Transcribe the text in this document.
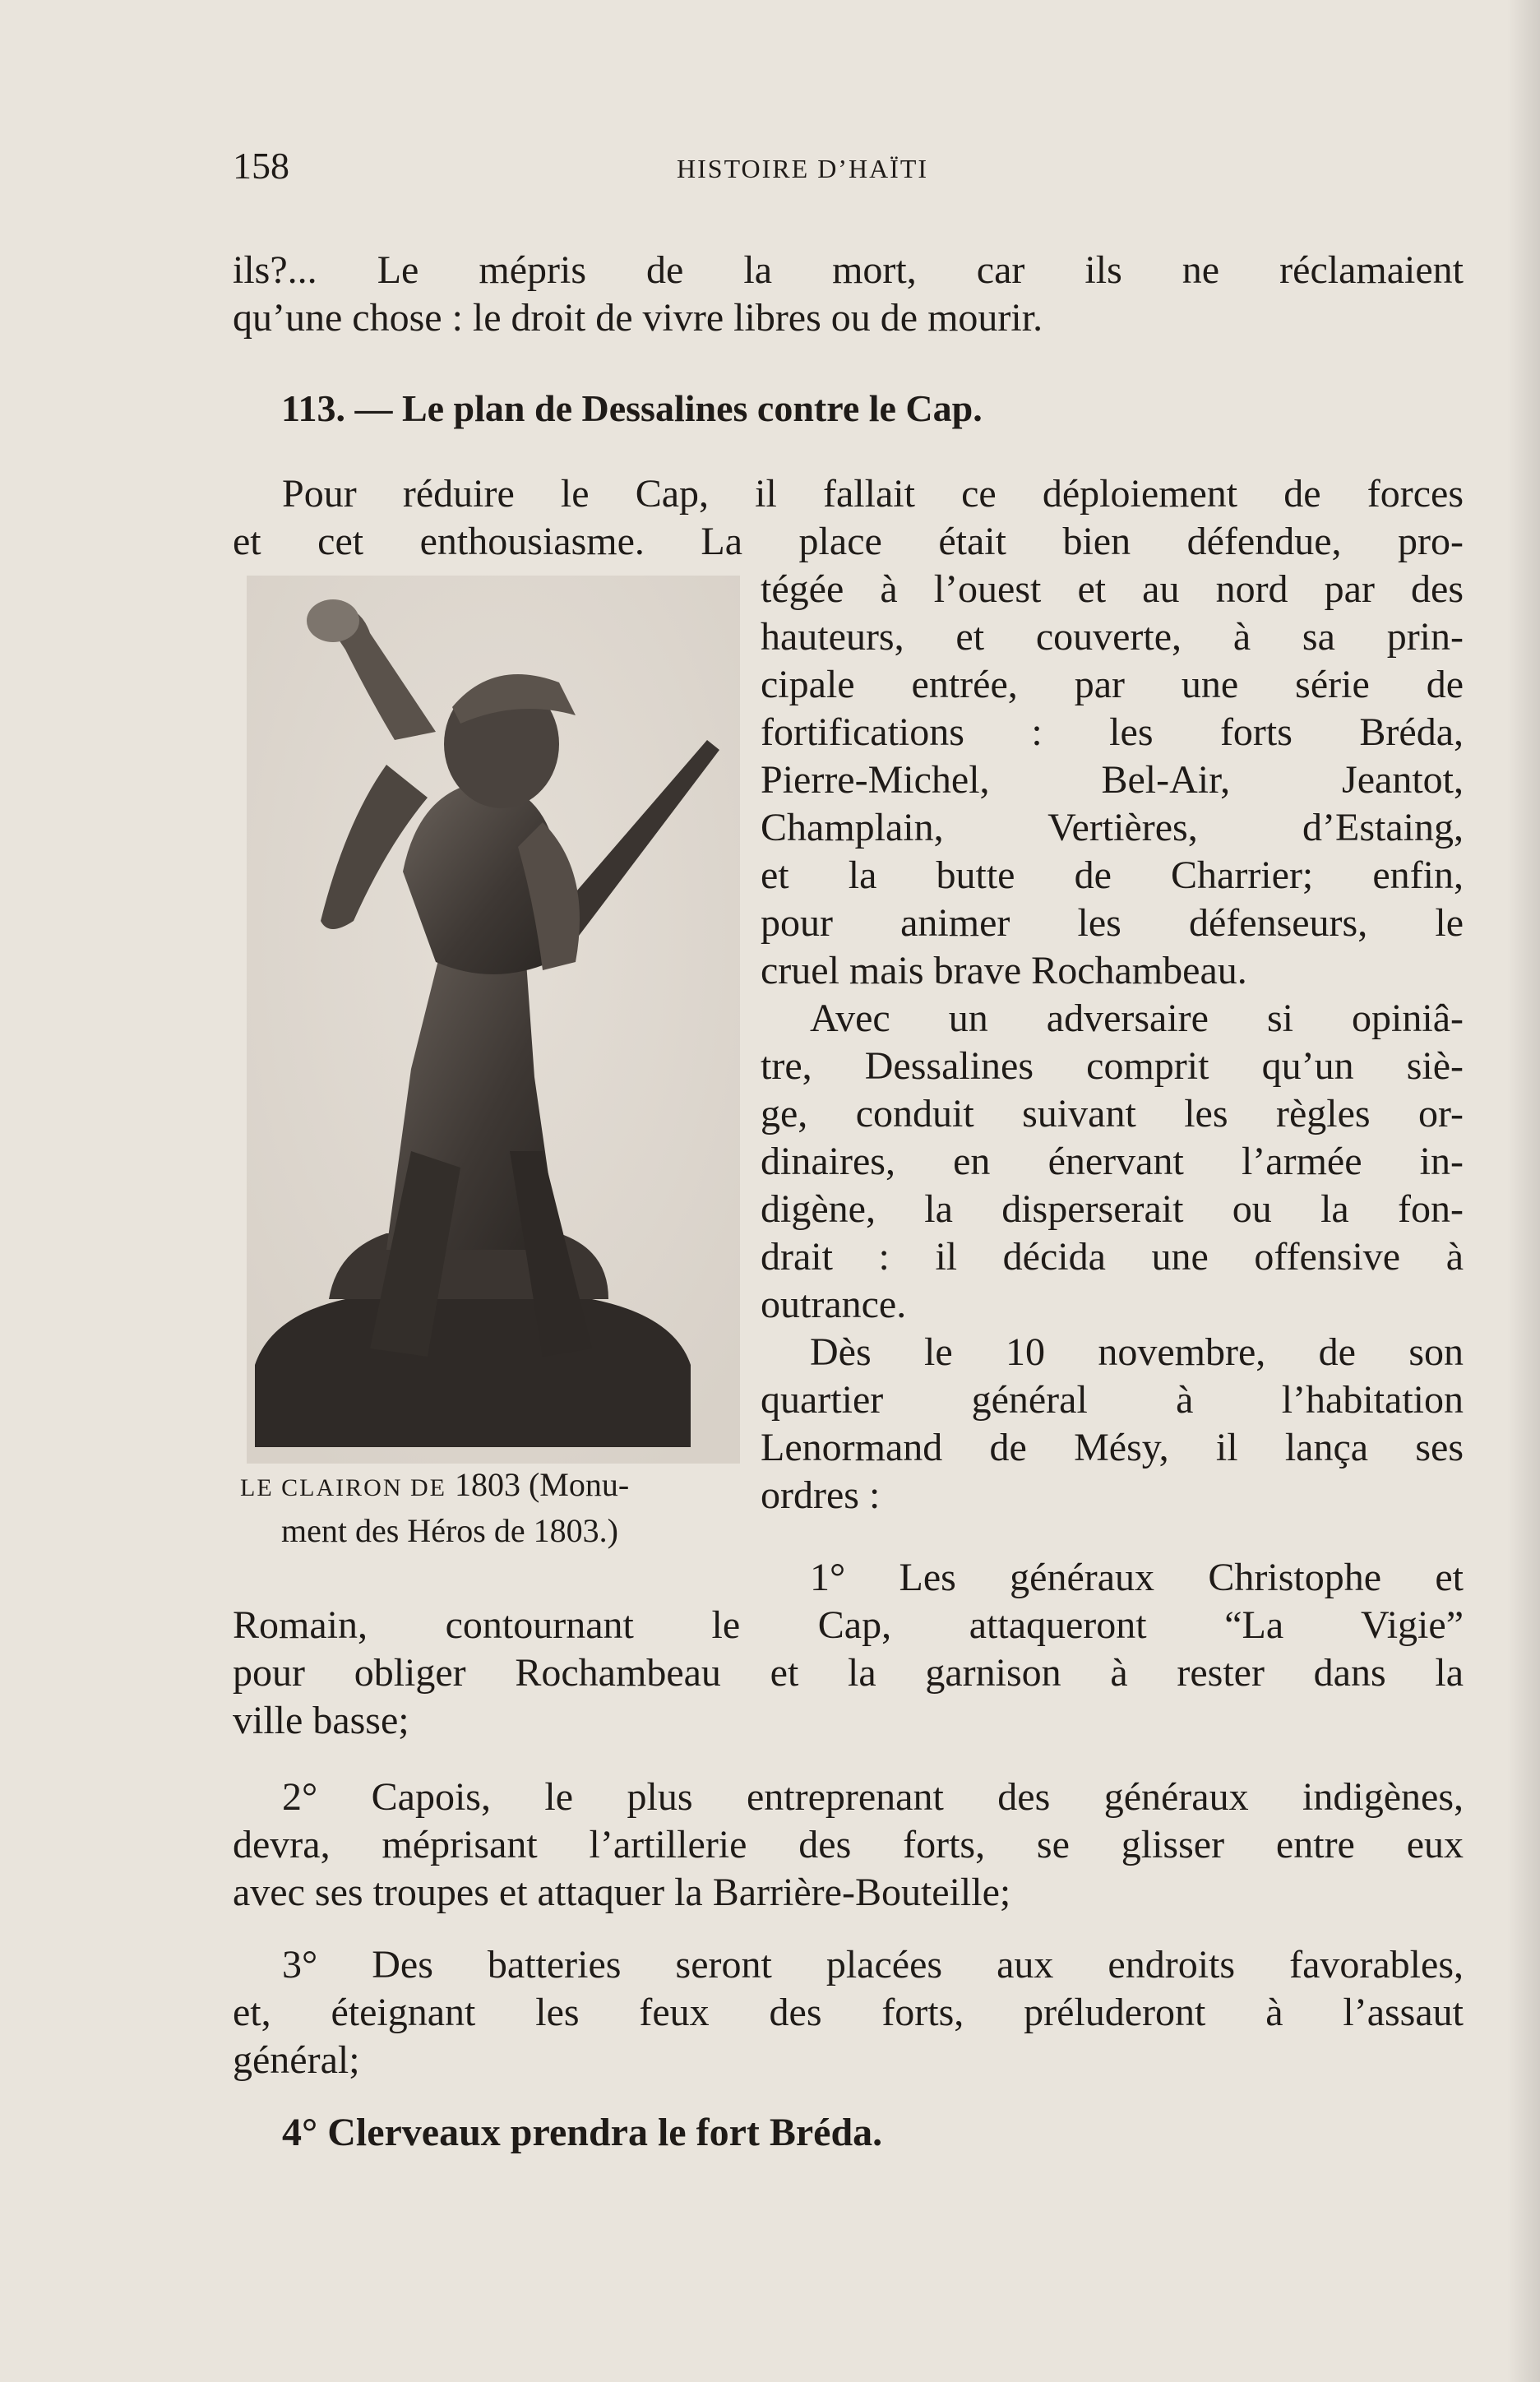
158	HISTOIRE D’HAÏTI
ils?... Le mépris de la mort, car ils ne réclamaient
qu’une chose : le droit de vivre libres ou de mourir.
113. — Le plan de Dessalines contre le Cap.
Pour réduire le Cap, il fallait ce déploiement de forces
et cet enthousiasme. La place était bien défendue, pro-
tégée à l’ouest et au nord par des
hauteurs, et couverte, à sa prin-
cipale entrée, par une série de
fortifications : les forts Bréda,
Pierre-Michel, Bel-Air, Jeantot,
Champlain, Vertières, d’Estaing,
et la butte de Charrier; enfin,
pour animer les défenseurs, le
cruel mais brave Rochambeau.
Avec un adversaire si opiniâ-
tre, Dessalines comprit qu’un siè-
ge, conduit suivant les règles or-
dinaires, en énervant l’armée in-
digène, la disperserait ou la fon-
drait : il décida une offensive à
outrance.
Dès le 10 novembre, de son
quartier général à l’habitation
Lenormand de Mésy, il lança ses
ordres :
LE CLAIRON DE 1803 (Monu-
ment des Héros de 1803.)
1° Les généraux Christophe et
Romain, contournant le Cap, attaqueront “La Vigie”
pour obliger Rochambeau et la garnison à rester dans la
ville basse;
2° Capois, le plus entreprenant des généraux indigènes,
devra, méprisant l’artillerie des forts, se glisser entre eux
avec ses troupes et attaquer la Barrière-Bouteille;
3° Des batteries seront placées aux endroits favorables,
et, éteignant les feux des forts, préluderont à l’assaut
général;
4° Clerveaux prendra le fort Bréda.
